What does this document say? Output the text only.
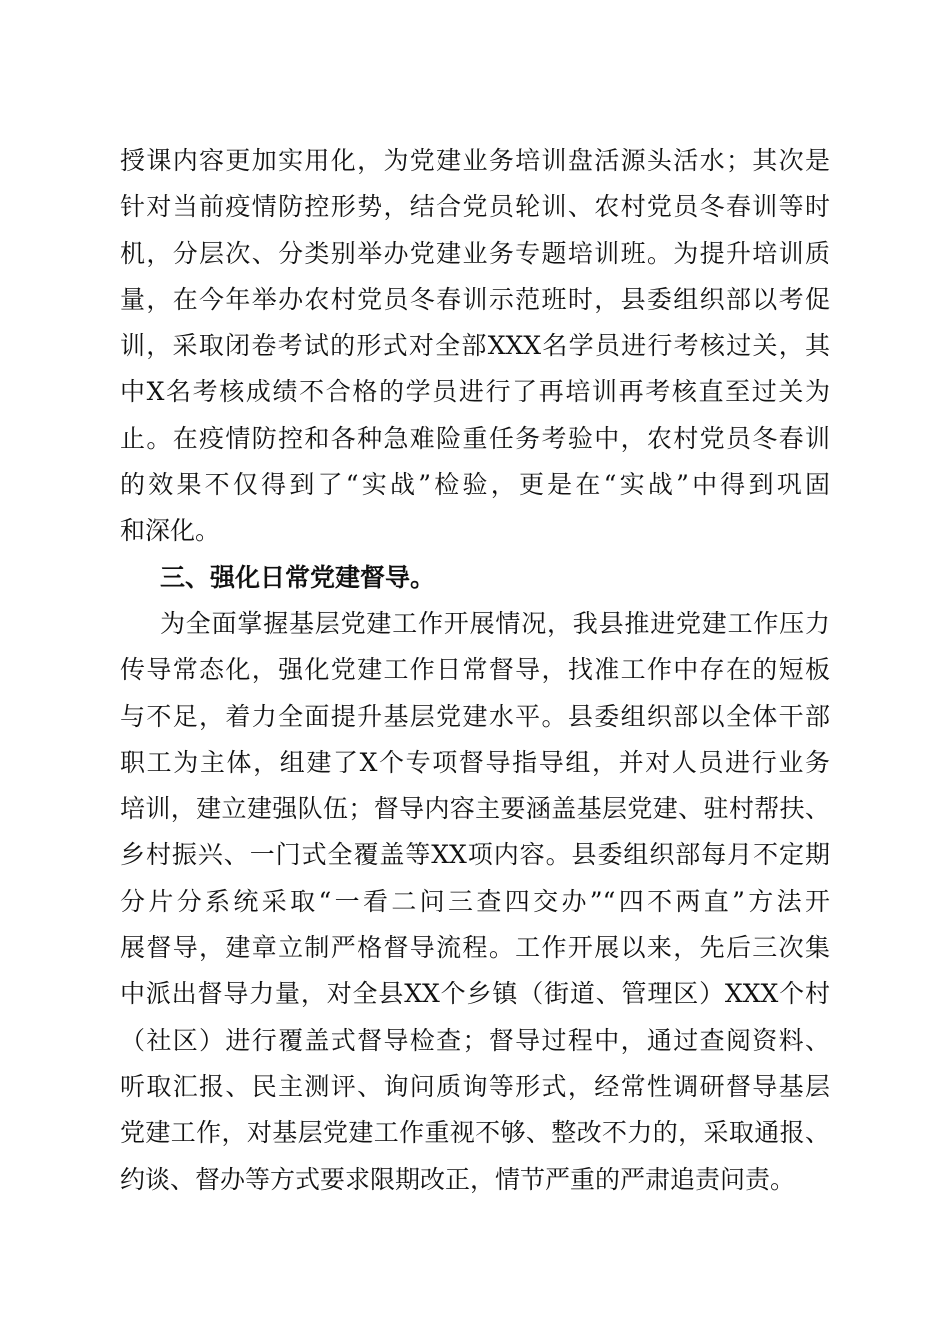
授课内容更加实用化，为党建业务培训盘活源头活水；其次是
针对当前疫情防控形势，结合党员轮训、农村党员冬春训等时
机，分层次、分类别举办党建业务专题培训班。为提升培训质
量，在今年举办农村党员冬春训示范班时，县委组织部以考促
训，采取闭卷考试的形式对全部XXX名学员进行考核过关，其
中X名考核成绩不合格的学员进行了再培训再考核直至过关为
止。在疫情防控和各种急难险重任务考验中，农村党员冬春训
的效果不仅得到了“实战”检验，更是在“实战”中得到巩固
和深化。
三、强化日常党建督导。
为全面掌握基层党建工作开展情况，我县推进党建工作压力
传导常态化，强化党建工作日常督导，找准工作中存在的短板
与不足，着力全面提升基层党建水平。县委组织部以全体干部
职工为主体，组建了X个专项督导指导组，并对人员进行业务
培训，建立建强队伍；督导内容主要涵盖基层党建、驻村帮扶、
乡村振兴、一门式全覆盖等XX项内容。县委组织部每月不定期
分片分系统采取“一看二问三查四交办”“四不两直”方法开
展督导，建章立制严格督导流程。工作开展以来，先后三次集
中派出督导力量，对全县XX个乡镇（街道、管理区）XXX个村
（社区）进行覆盖式督导检查；督导过程中，通过查阅资料、
听取汇报、民主测评、询问质询等形式，经常性调研督导基层
党建工作，对基层党建工作重视不够、整改不力的，采取通报、
约谈、督办等方式要求限期改正，情节严重的严肃追责问责。
